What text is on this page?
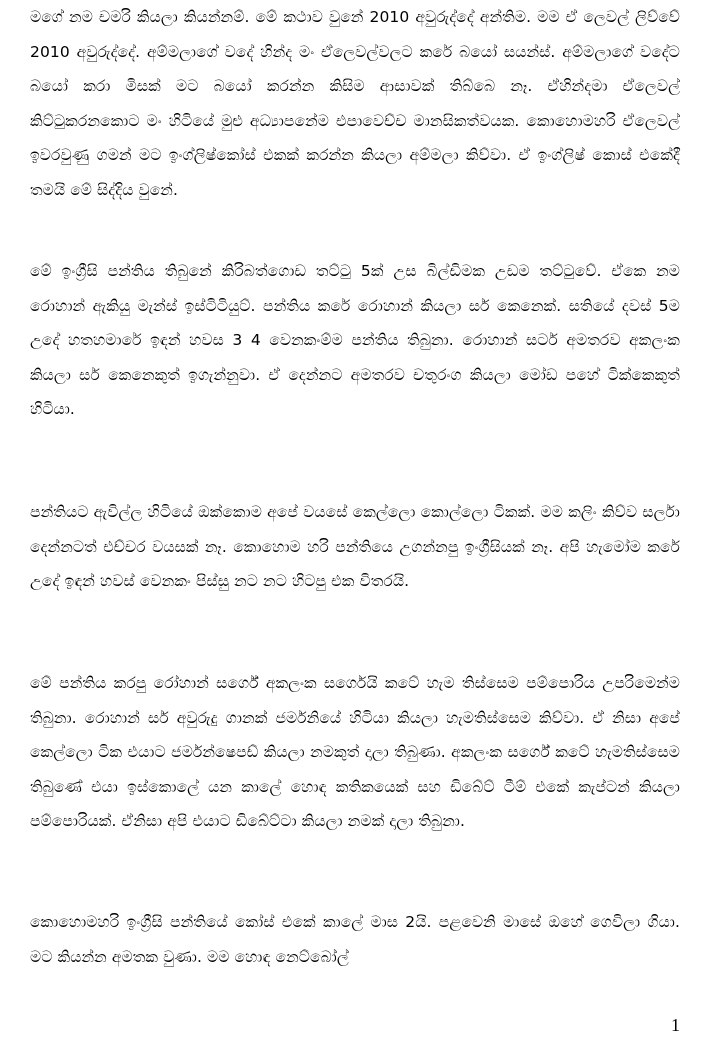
මගේ නම චමරි කියලා කියන්නම්. මේ කථාව වුනේ 2010 අවුරුද්දේ අන්තිම. මම ඒ ලෙවල් ලිව්වේ 2010 අවුරුද්දේ. අම්මලාගේ වදේ හින්ද මං ඒලෙවල්වලට කරේ බයෝ සයන්ස්. අම්මලාගේ වදේට බයෝ කරා මිසක් මට බයෝ කරන්න කිසිම ආසාවක් තිබ්බෙ නෑ. ඒහින්දමා ඒලෙවල් කිට්ටුකරනකොට මං හිටියේ මුළු අධ්‍යාපනේම එපාවෙච්ච මානසිකත්වයක. කොහොමහරි ඒලෙවල් ඉවරවුණු ගමන් මට ඉංග්ලිෂ්කෝස් එකක් කරන්න කියලා අම්මලා කිව්වා. ඒ ඉංග්ලිෂ් කොස් එකේදී තමයි මේ සිද්දිය වුනේ.

මේ ඉංග්‍රීසි පන්තිය තිබුනේ කිරිබත්ගොඩ තට්ටු 5ක් උස බිල්ඩිමක උඩම තට්ටුවේ. ඒකෙ නම රොහාන් ඇකියු මැන්ස් ඉස්ටිටියුට්. පන්තිය කරේ රොහාන් කියලා සර් කෙනෙක්. සතියේ දවස් 5ම උදේ හතහමාරේ ඉඳන් හවස 3 4 වෙනකංම්ම පන්තිය තිබුනා. රොහාන් සර්ට අමතරව අකලංක කියලා සර් කෙනෙකුත් ඉගැන්නුවා. ඒ දෙන්නට අමතරව චතුරංග කියලා මෝඩ පහේ ටික්කෙකුත් හිටියා.

පන්තියට ඇවිල්ල හිටියේ ඔක්කොම අපේ වයසේ කෙල්ලො කොල්ලො ටිකක්. මම කලිං කිව්ව සර්ලා දෙන්නටත් එච්චර වයසක් නෑ. කොහොම හරි පන්තියෙ උගන්නපු ඉංග්‍රීසියක් නෑ. අපි හැමෝම කරේ උදේ ඉඳන් හවස් වෙනකං පිස්සු නට නට හිටපු එක විතරයි.

මේ පන්තිය කරපු රෝහාන් සර්ගේ අකලංක සර්ගෙයි කටේ හැම තිස්සෙම පම්පොරිය උපරිමෙන්ම තිබුනා. රොහාන් සර් අවුරුදු ගානක් ජර්මනියේ හිටියා කියලා හැමතිස්සෙම කිව්වා. ඒ නිසා අපේ කෙල්ලො ටික එයාට ජර්මන්ෂෙපඩ් කියලා නමකුත් දාලා තිබුණා. අකලංක සර්ගේ කටේ හැමතිස්සෙම තිබුණේ එයා ඉස්කොලේ යන කාලේ හොඳ කතිකයෙක් සහ ඩිබේට් ටීම් එකේ කැප්ටන් කියලා පම්පොරියක්. ඒනිසා අපි එයාට ඩිබේට්ටා කියලා නමක් දාලා තිබුනා.

කොහොමහරි ඉංග්‍රීසි පන්තියේ කෝස් එකේ කාලේ මාස 2යි. පළවෙනි මාසේ ඔහේ ගෙවිලා ගියා. මට කියන්න අමතක වුණා. මම හොඳ නෙට්බෝල්

1
